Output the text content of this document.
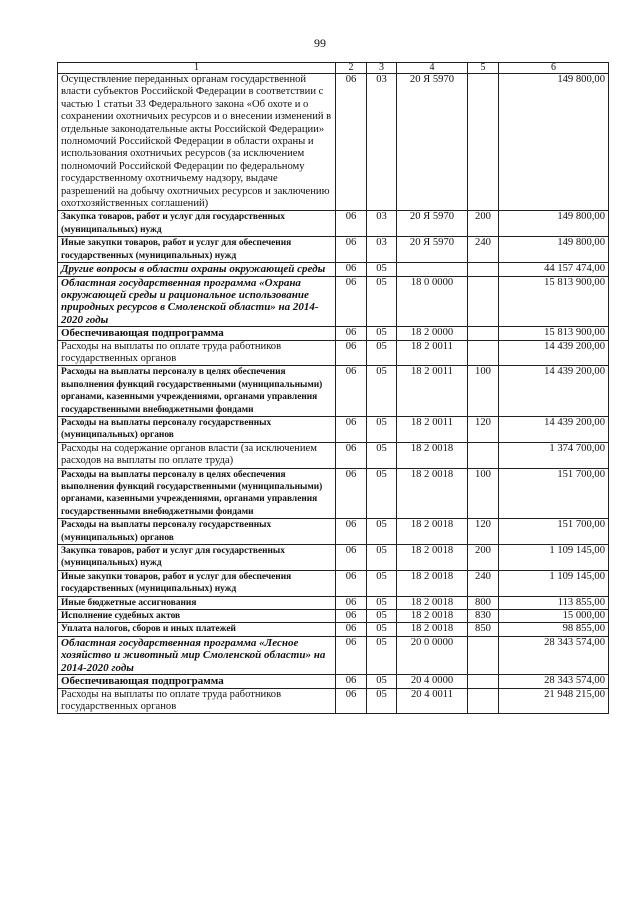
99
1	2	3	4	5	6
Осуществление переданных органам государственной власти субъектов Российской Федерации в соответствии с частью 1 статьи 33 Федерального закона «Об охоте и о сохранении охотничьих ресурсов и о внесении изменений в отдельные законодательные акты Российской Федерации» полномочий Российской Федерации в области охраны и использования охотничьих ресурсов (за исключением полномочий Российской Федерации по федеральному государственному охотничьему надзору, выдаче разрешений на добычу охотничьих ресурсов и заключению охотхозяйственных соглашений)	06	03	20 Я 5970		149 800,00
Закупка товаров, работ и услуг для государственных (муниципальных) нужд	06	03	20 Я 5970	200	149 800,00
Иные закупки товаров, работ и услуг для обеспечения государственных (муниципальных) нужд	06	03	20 Я 5970	240	149 800,00
Другие вопросы в области охраны окружающей среды	06	05			44 157 474,00
Областная государственная программа «Охрана окружающей среды и рациональное использование природных ресурсов в Смоленской области» на 2014-2020 годы	06	05	18 0 0000		15 813 900,00
Обеспечивающая подпрограмма	06	05	18 2 0000		15 813 900,00
Расходы на выплаты по оплате труда работников государственных органов	06	05	18 2 0011		14 439 200,00
Расходы на выплаты персоналу в целях обеспечения выполнения функций государственными (муниципальными) органами, казенными учреждениями, органами управления государственными внебюджетными фондами	06	05	18 2 0011	100	14 439 200,00
Расходы на выплаты персоналу государственных (муниципальных) органов	06	05	18 2 0011	120	14 439 200,00
Расходы на содержание органов власти (за исключением расходов на выплаты по оплате труда)	06	05	18 2 0018		1 374 700,00
Расходы на выплаты персоналу в целях обеспечения выполнения функций государственными (муниципальными) органами, казенными учреждениями, органами управления государственными внебюджетными фондами	06	05	18 2 0018	100	151 700,00
Расходы на выплаты персоналу государственных (муниципальных) органов	06	05	18 2 0018	120	151 700,00
Закупка товаров, работ и услуг для государственных (муниципальных) нужд	06	05	18 2 0018	200	1 109 145,00
Иные закупки товаров, работ и услуг для обеспечения государственных (муниципальных) нужд	06	05	18 2 0018	240	1 109 145,00
Иные бюджетные ассигнования	06	05	18 2 0018	800	113 855,00
Исполнение судебных актов	06	05	18 2 0018	830	15 000,00
Уплата налогов, сборов и иных платежей	06	05	18 2 0018	850	98 855,00
Областная государственная программа «Лесное хозяйство и животный мир Смоленской области» на 2014-2020 годы	06	05	20 0 0000		28 343 574,00
Обеспечивающая подпрограмма	06	05	20 4 0000		28 343 574,00
Расходы на выплаты по оплате труда работников государственных органов	06	05	20 4 0011		21 948 215,00
